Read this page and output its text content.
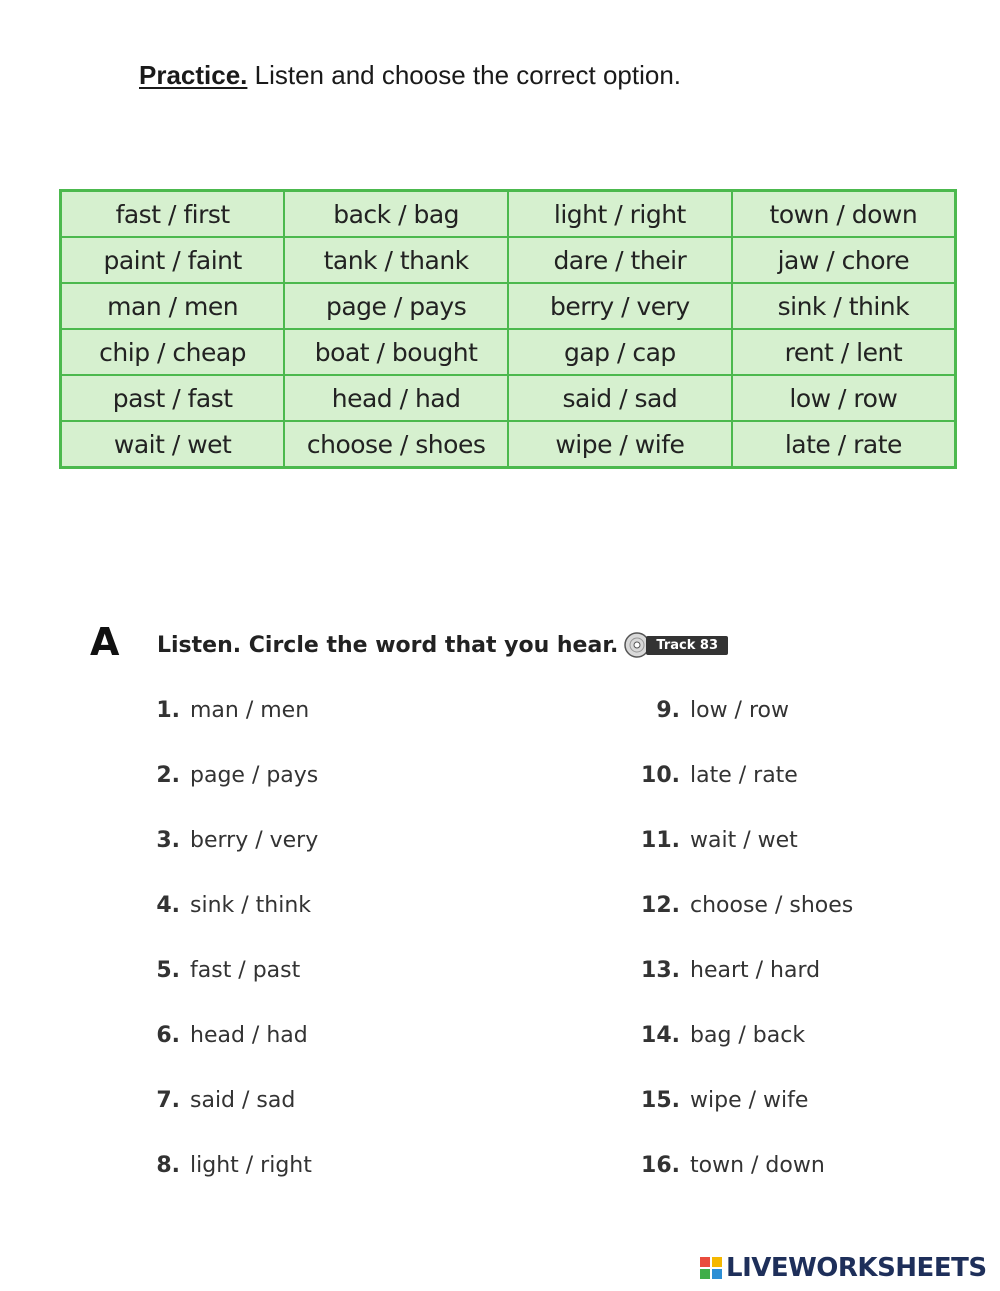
Practice. Listen and choose the correct option.
fast / first	back / bag	light / right	town / down
paint / faint	tank / thank	dare / their	jaw / chore
man / men	page / pays	berry / very	sink / think
chip / cheap	boat / bought	gap / cap	rent / lent
past / fast	head / had	said / sad	low / row
wait / wet	choose / shoes	wipe / wife	late / rate
A Listen. Circle the word that you hear.	Track 83
1. man / men
2. page / pays
3. berry / very
4. sink / think
5. fast / past
6. head / had
7. said / sad
8. light / right
9. low / row
10. late / rate
11. wait / wet
12. choose / shoes
13. heart / hard
14. bag / back
15. wipe / wife
16. town / down
LIVEWORKSHEETS
